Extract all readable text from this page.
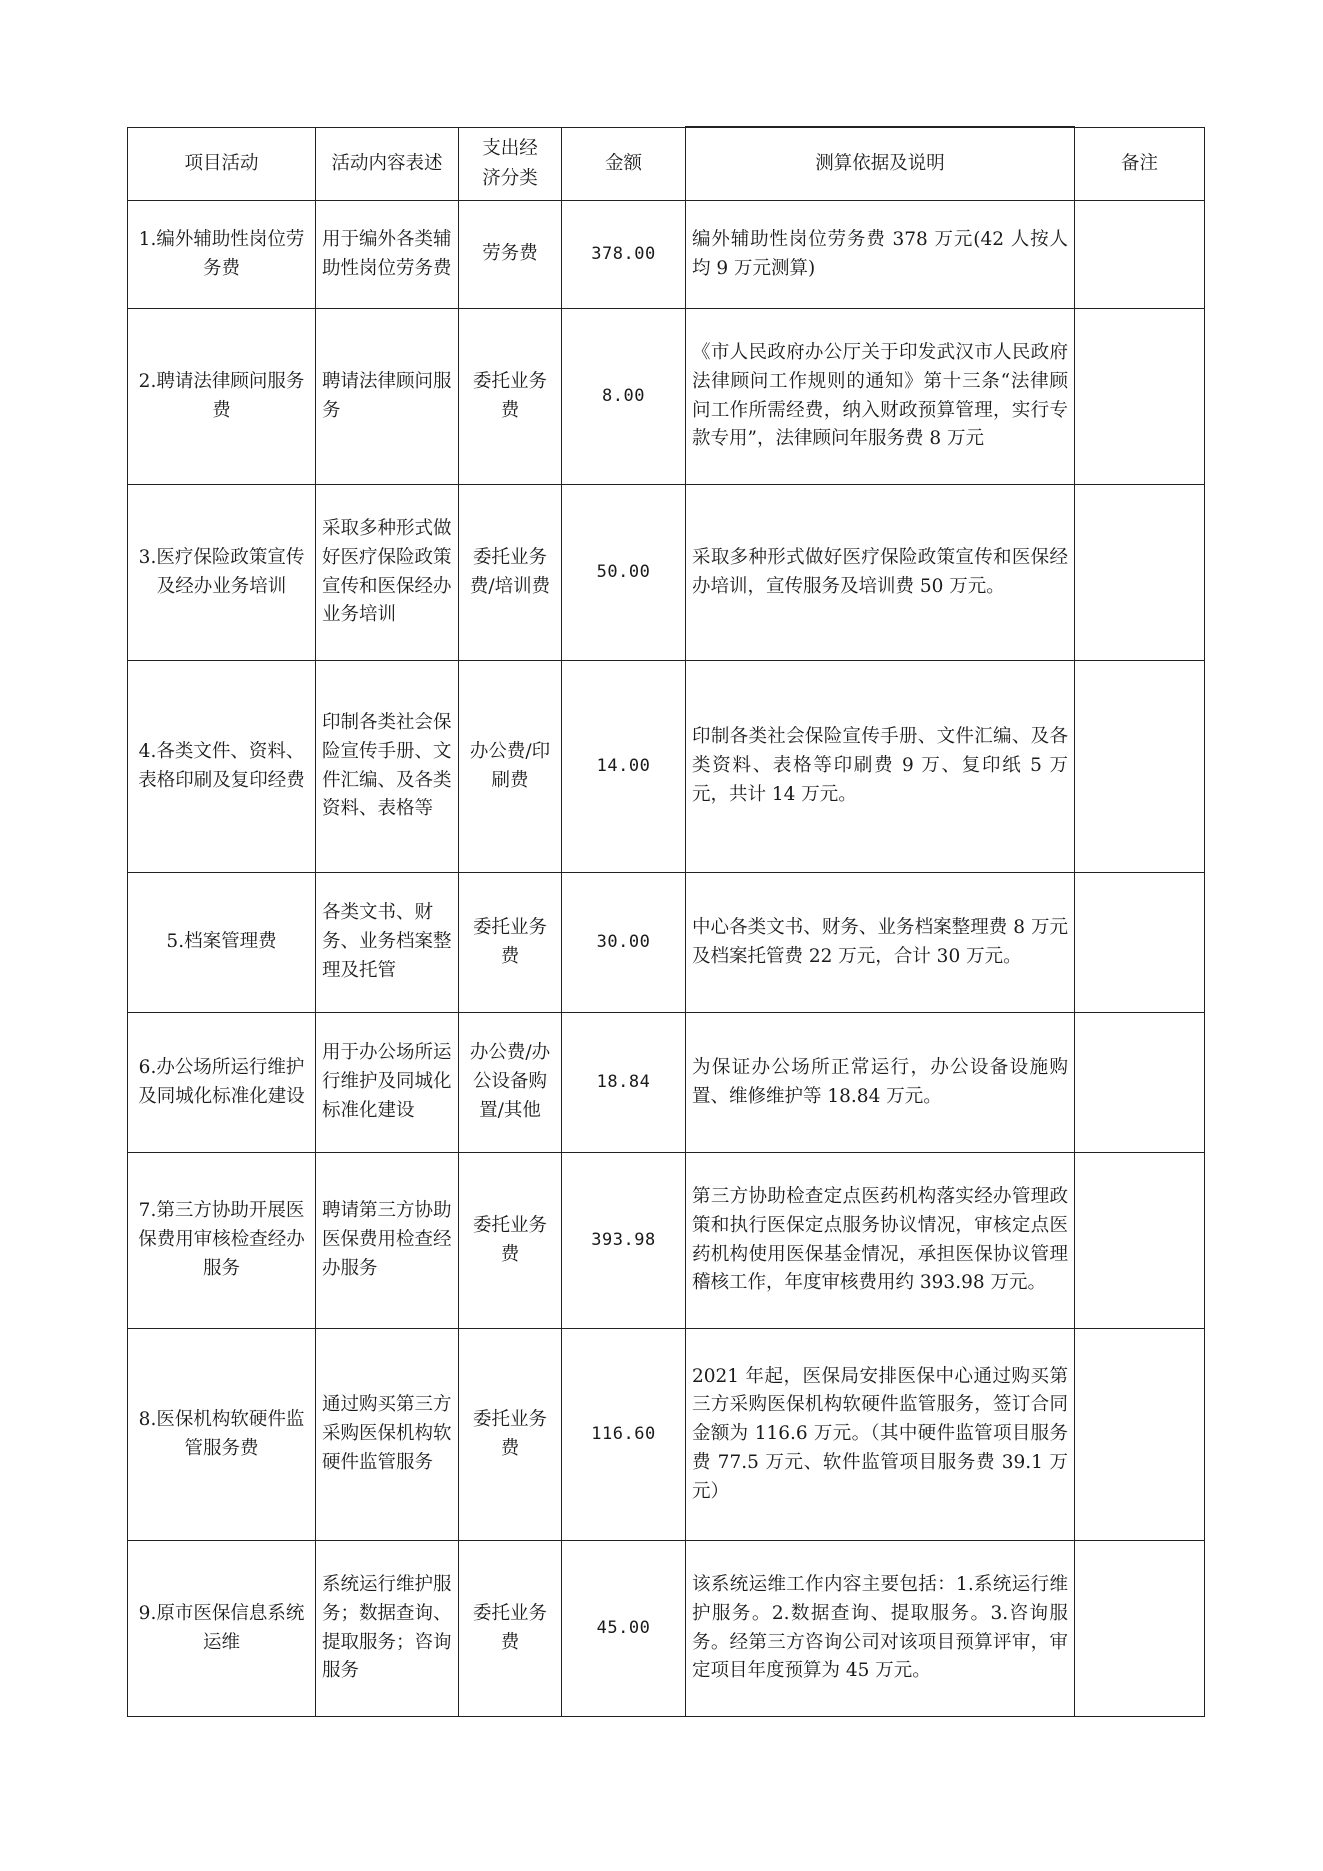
项目活动	活动内容表述	支出经济分类	金额	测算依据及说明	备注
1.编外辅助性岗位劳务费	用于编外各类辅助性岗位劳务费	劳务费	378.00	编外辅助性岗位劳务费 378 万元(42 人按人均 9 万元测算)	
2.聘请法律顾问服务费	聘请法律顾问服务	委托业务费	8.00	《市人民政府办公厅关于印发武汉市人民政府法律顾问工作规则的通知》第十三条“法律顾问工作所需经费，纳入财政预算管理，实行专款专用”，法律顾问年服务费 8 万元	
3.医疗保险政策宣传及经办业务培训	采取多种形式做好医疗保险政策宣传和医保经办业务培训	委托业务费/培训费	50.00	采取多种形式做好医疗保险政策宣传和医保经办培训，宣传服务及培训费 50 万元。	
4.各类文件、资料、表格印刷及复印经费	印制各类社会保险宣传手册、文件汇编、及各类资料、表格等	办公费/印刷费	14.00	印制各类社会保险宣传手册、文件汇编、及各类资料、表格等印刷费 9 万、复印纸 5 万元，共计 14 万元。	
5.档案管理费	各类文书、财务、业务档案整理及托管	委托业务费	30.00	中心各类文书、财务、业务档案整理费 8 万元及档案托管费 22 万元，合计 30 万元。	
6.办公场所运行维护及同城化标准化建设	用于办公场所运行维护及同城化标准化建设	办公费/办公设备购置/其他	18.84	为保证办公场所正常运行，办公设备设施购置、维修维护等 18.84 万元。	
7.第三方协助开展医保费用审核检查经办服务	聘请第三方协助医保费用检查经办服务	委托业务费	393.98	第三方协助检查定点医药机构落实经办管理政策和执行医保定点服务协议情况，审核定点医药机构使用医保基金情况，承担医保协议管理稽核工作，年度审核费用约 393.98 万元。	
8.医保机构软硬件监管服务费	通过购买第三方采购医保机构软硬件监管服务	委托业务费	116.60	2021 年起，医保局安排医保中心通过购买第三方采购医保机构软硬件监管服务，签订合同金额为 116.6 万元。（其中硬件监管项目服务费 77.5 万元、软件监管项目服务费 39.1 万元）	
9.原市医保信息系统运维	系统运行维护服务；数据查询、提取服务；咨询服务	委托业务费	45.00	该系统运维工作内容主要包括：1.系统运行维护服务。2.数据查询、提取服务。3.咨询服务。经第三方咨询公司对该项目预算评审，审定项目年度预算为 45 万元。	
